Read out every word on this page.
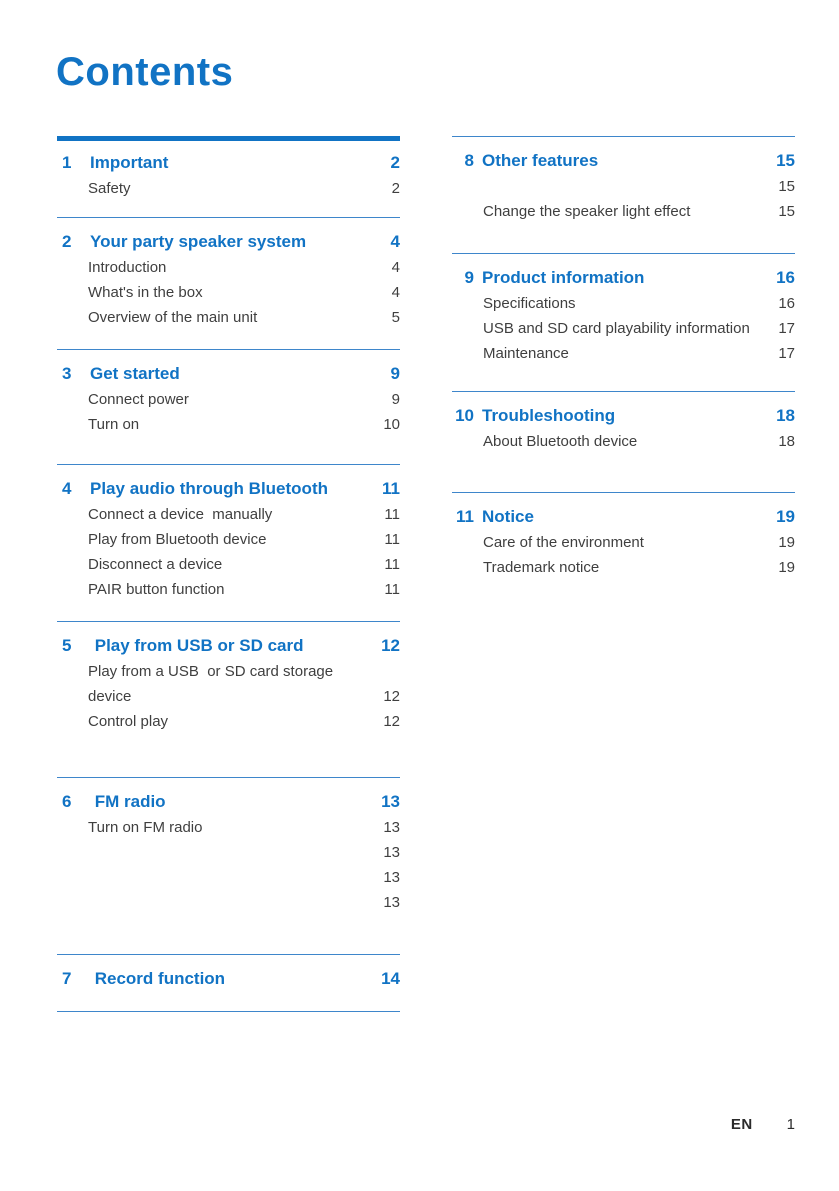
Contents
1	Important	2
Safety	2
2	Your party speaker system	4
Introduction	4
What's in the box	4
Overview of the main unit	5
3	Get started	9
Connect power	9
Turn on	10
4	Play audio through Bluetooth	11
Connect a device  manually	11
Play from Bluetooth device	11
Disconnect a device	11
PAIR button function	11
5	Play from USB or SD card	12
Play from a USB  or SD card storage
device	12
Control play	12
6	FM radio	13
Turn on FM radio	13
13
13
13
7	Record function	14
8 Other features	15
15
Change the speaker light effect	15
9 Product information	16
Specifications	16
USB and SD card playability information	17
Maintenance	17
10 Troubleshooting	18
About Bluetooth device	18
11 Notice	19
Care of the environment	19
Trademark notice	19
EN 1
